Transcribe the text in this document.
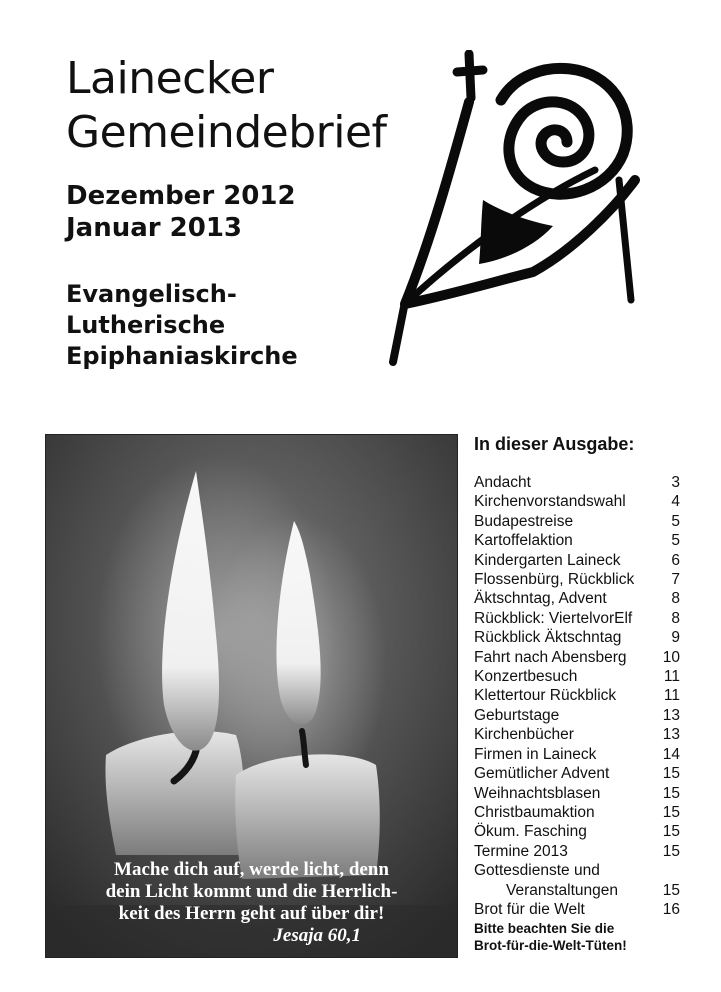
Lainecker
Gemeindebrief
Dezember 2012
Januar 2013
Evangelisch-
Lutherische
Epiphaniaskirche
Mache dich auf, werde licht, denn
dein Licht kommt und die Herrlich-
keit des Herrn geht auf über dir!
Jesaja 60,1
In dieser Ausgabe:
Andacht	3
Kirchenvorstandswahl	4
Budapestreise	5
Kartoffelaktion	5
Kindergarten Laineck	6
Flossenbürg, Rückblick 7
Äktschntag, Advent	8
Rückblick: ViertelvorElf	8
Rückblick Äktschntag	9
Fahrt nach Abensberg 10
Konzertbesuch	11
Klettertour Rückblick	11
Geburtstage	13
Kirchenbücher	13
Firmen in Laineck	14
Gemütlicher Advent	15
Weihnachtsblasen	15
Christbaumaktion	15
Ökum. Fasching	15
Termine 2013	15
Gottesdienste und
Veranstaltungen	15
Brot für die Welt	16
Bitte beachten Sie die
Brot-für-die-Welt-Tüten!
